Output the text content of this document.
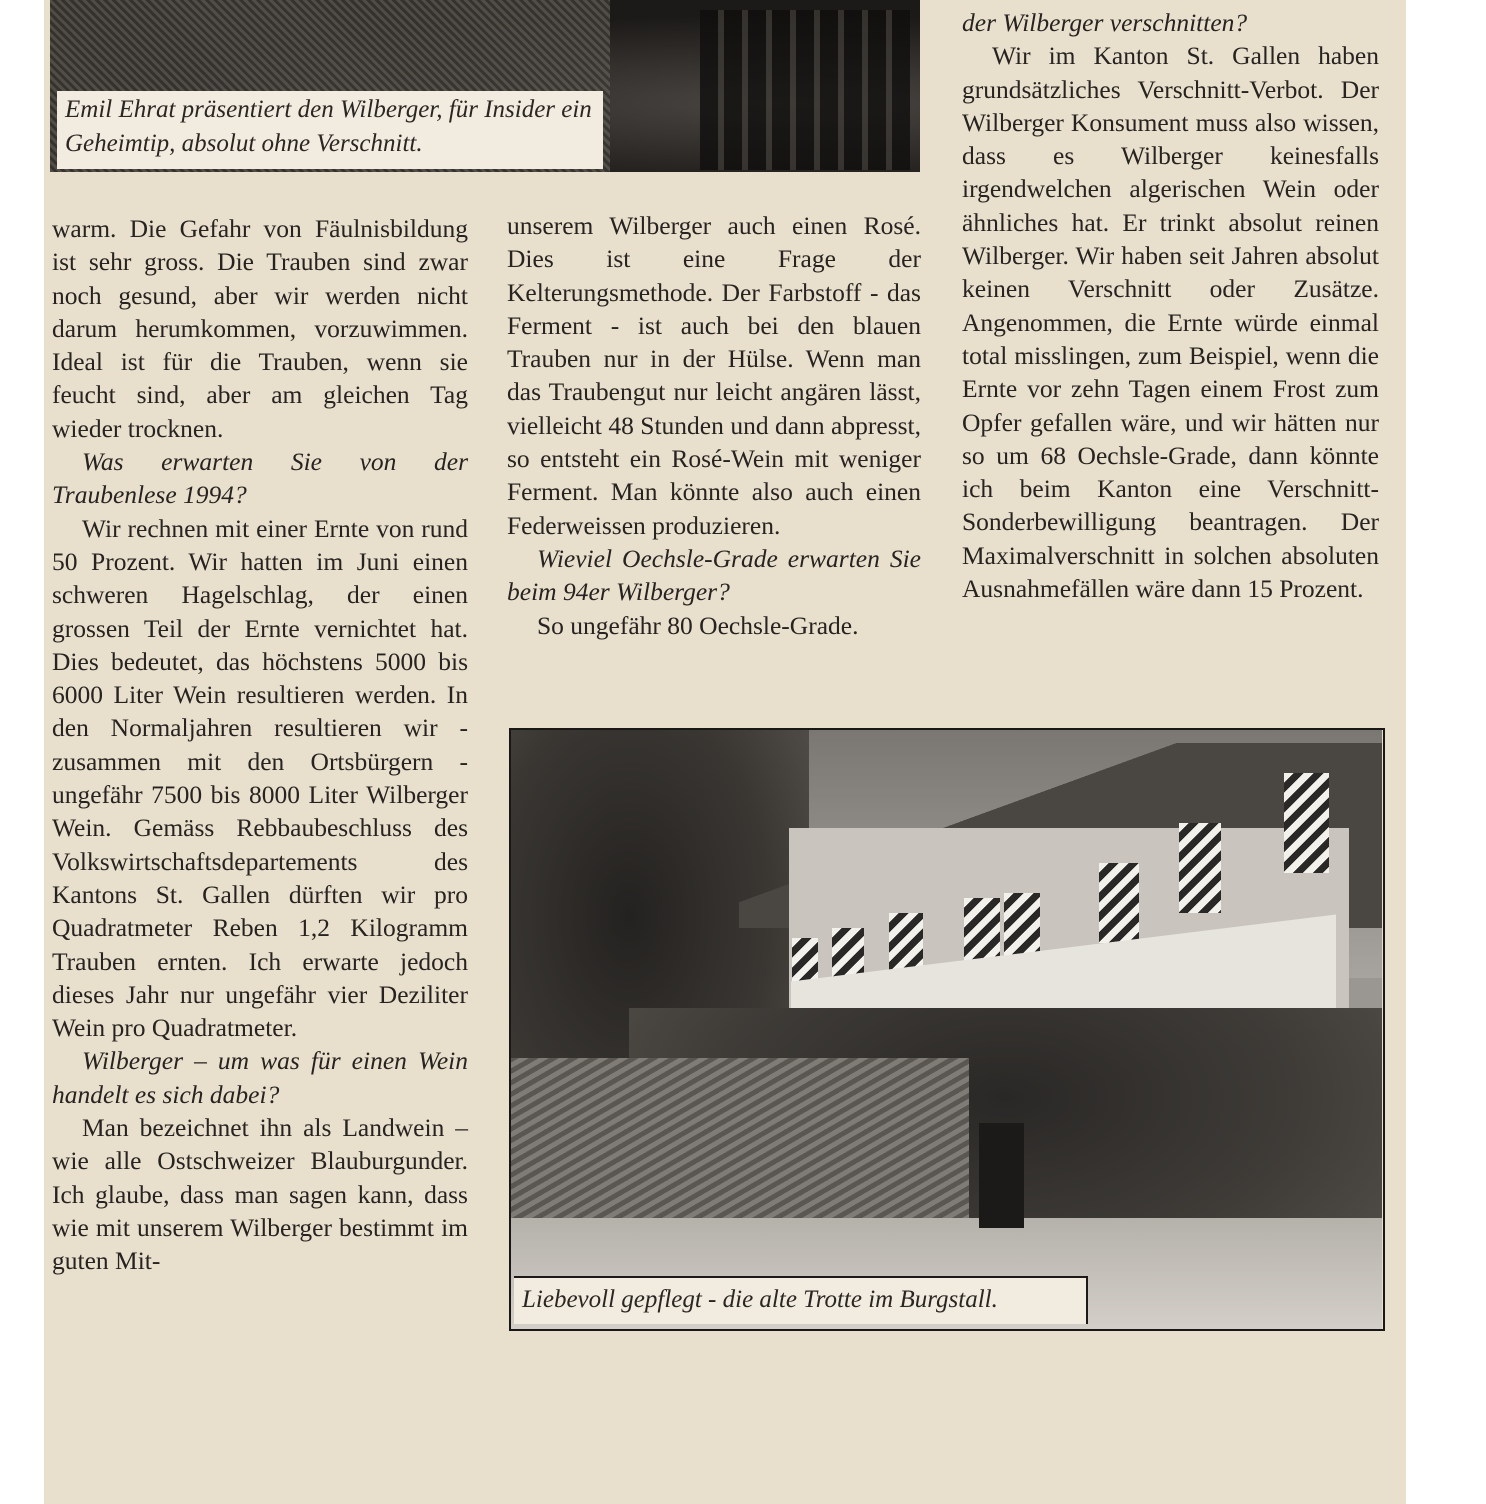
Emil Ehrat präsentiert den Wilberger, für Insider ein Geheimtip, absolut ohne Verschnitt.

warm. Die Gefahr von Fäulnisbildung ist sehr gross. Die Trauben sind zwar noch gesund, aber wir werden nicht darum herumkommen, vorzuwimmen. Ideal ist für die Trauben, wenn sie feucht sind, aber am gleichen Tag wieder trocknen.

Was erwarten Sie von der Traubenlese 1994?

Wir rechnen mit einer Ernte von rund 50 Prozent. Wir hatten im Juni einen schweren Hagelschlag, der einen grossen Teil der Ernte vernichtet hat. Dies bedeutet, das höchstens 5000 bis 6000 Liter Wein resultieren werden. In den Normaljahren resultieren wir - zusammen mit den Ortsbürgern - ungefähr 7500 bis 8000 Liter Wilberger Wein. Gemäss Rebbaubeschluss des Volkswirtschaftsdepartements des Kantons St. Gallen dürften wir pro Quadratmeter Reben 1,2 Kilogramm Trauben ernten. Ich erwarte jedoch dieses Jahr nur ungefähr vier Deziliter Wein pro Quadratmeter.

Wilberger – um was für einen Wein handelt es sich dabei?

Man bezeichnet ihn als Landwein – wie alle Ostschweizer Blauburgunder. Ich glaube, dass man sagen kann, dass wie mit unserem Wilberger bestimmt im guten Mit-

unserem Wilberger auch einen Rosé. Dies ist eine Frage der Kelterungsmethode. Der Farbstoff - das Ferment - ist auch bei den blauen Trauben nur in der Hülse. Wenn man das Traubengut nur leicht angären lässt, vielleicht 48 Stunden und dann abpresst, so entsteht ein Rosé-Wein mit weniger Ferment. Man könnte also auch einen Federweissen produzieren.

Wieviel Oechsle-Grade erwarten Sie beim 94er Wilberger?

So ungefähr 80 Oechsle-Grade.

der Wilberger verschnitten?

Wir im Kanton St. Gallen haben grundsätzliches Verschnitt-Verbot. Der Wilberger Konsument muss also wissen, dass es Wilberger keinesfalls irgendwelchen algerischen Wein oder ähnliches hat. Er trinkt absolut reinen Wilberger. Wir haben seit Jahren absolut keinen Verschnitt oder Zusätze. Angenommen, die Ernte würde einmal total misslingen, zum Beispiel, wenn die Ernte vor zehn Tagen einem Frost zum Opfer gefallen wäre, und wir hätten nur so um 68 Oechsle-Grade, dann könnte ich beim Kanton eine Verschnitt-Sonderbewilligung beantragen. Der Maximalverschnitt in solchen absoluten Ausnahmefällen wäre dann 15 Prozent.

Liebevoll gepflegt - die alte Trotte im Burgstall.
